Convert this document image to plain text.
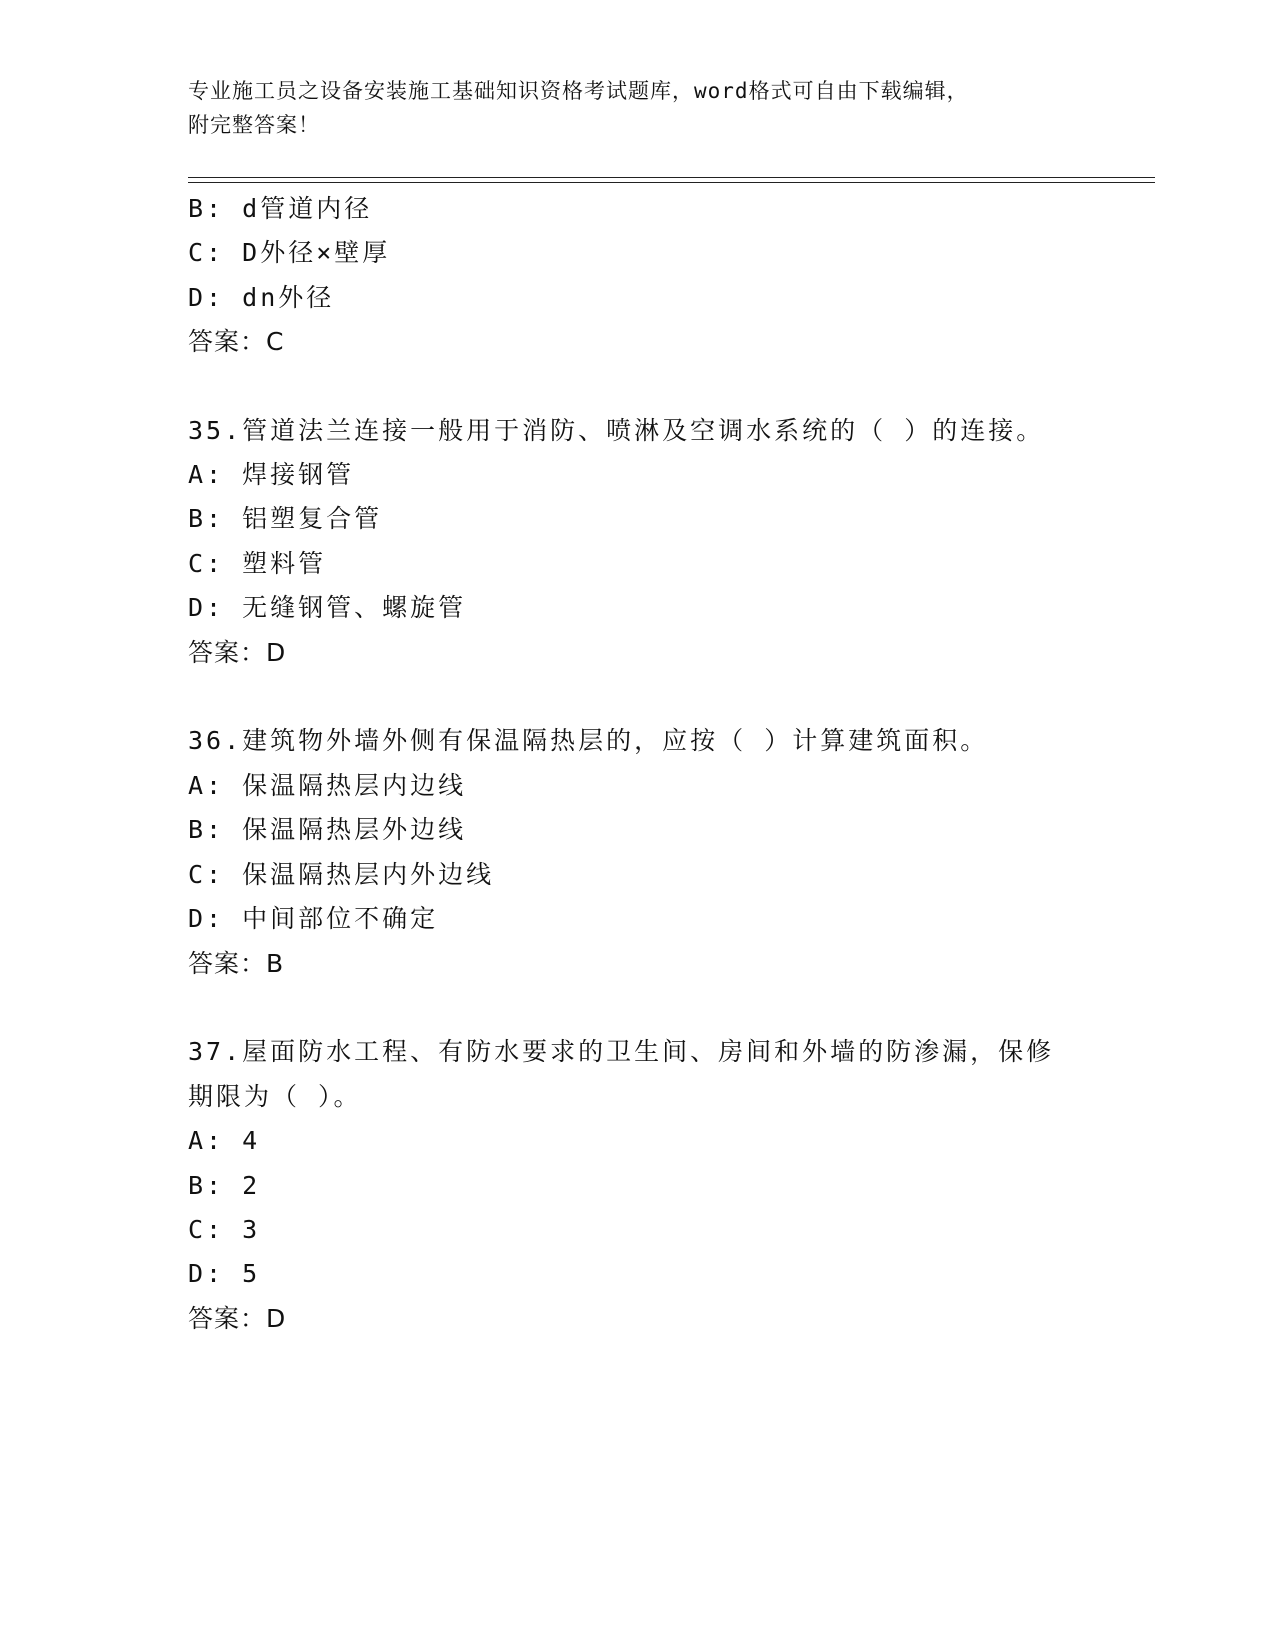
专业施工员之设备安装施工基础知识资格考试题库，word格式可自由下载编辑，
附完整答案！
B: d管道内径
C: D外径×壁厚
D: dn外径
答案：C
35.管道法兰连接一般用于消防、喷淋及空调水系统的（ ）的连接。
A: 焊接钢管
B: 铝塑复合管
C: 塑料管
D: 无缝钢管、螺旋管
答案：D
36.建筑物外墙外侧有保温隔热层的，应按（ ）计算建筑面积。
A: 保温隔热层内边线
B: 保温隔热层外边线
C: 保温隔热层内外边线
D: 中间部位不确定
答案：B
37.屋面防水工程、有防水要求的卫生间、房间和外墙的防渗漏，保修
期限为（ ）。
A: 4
B: 2
C: 3
D: 5
答案：D
